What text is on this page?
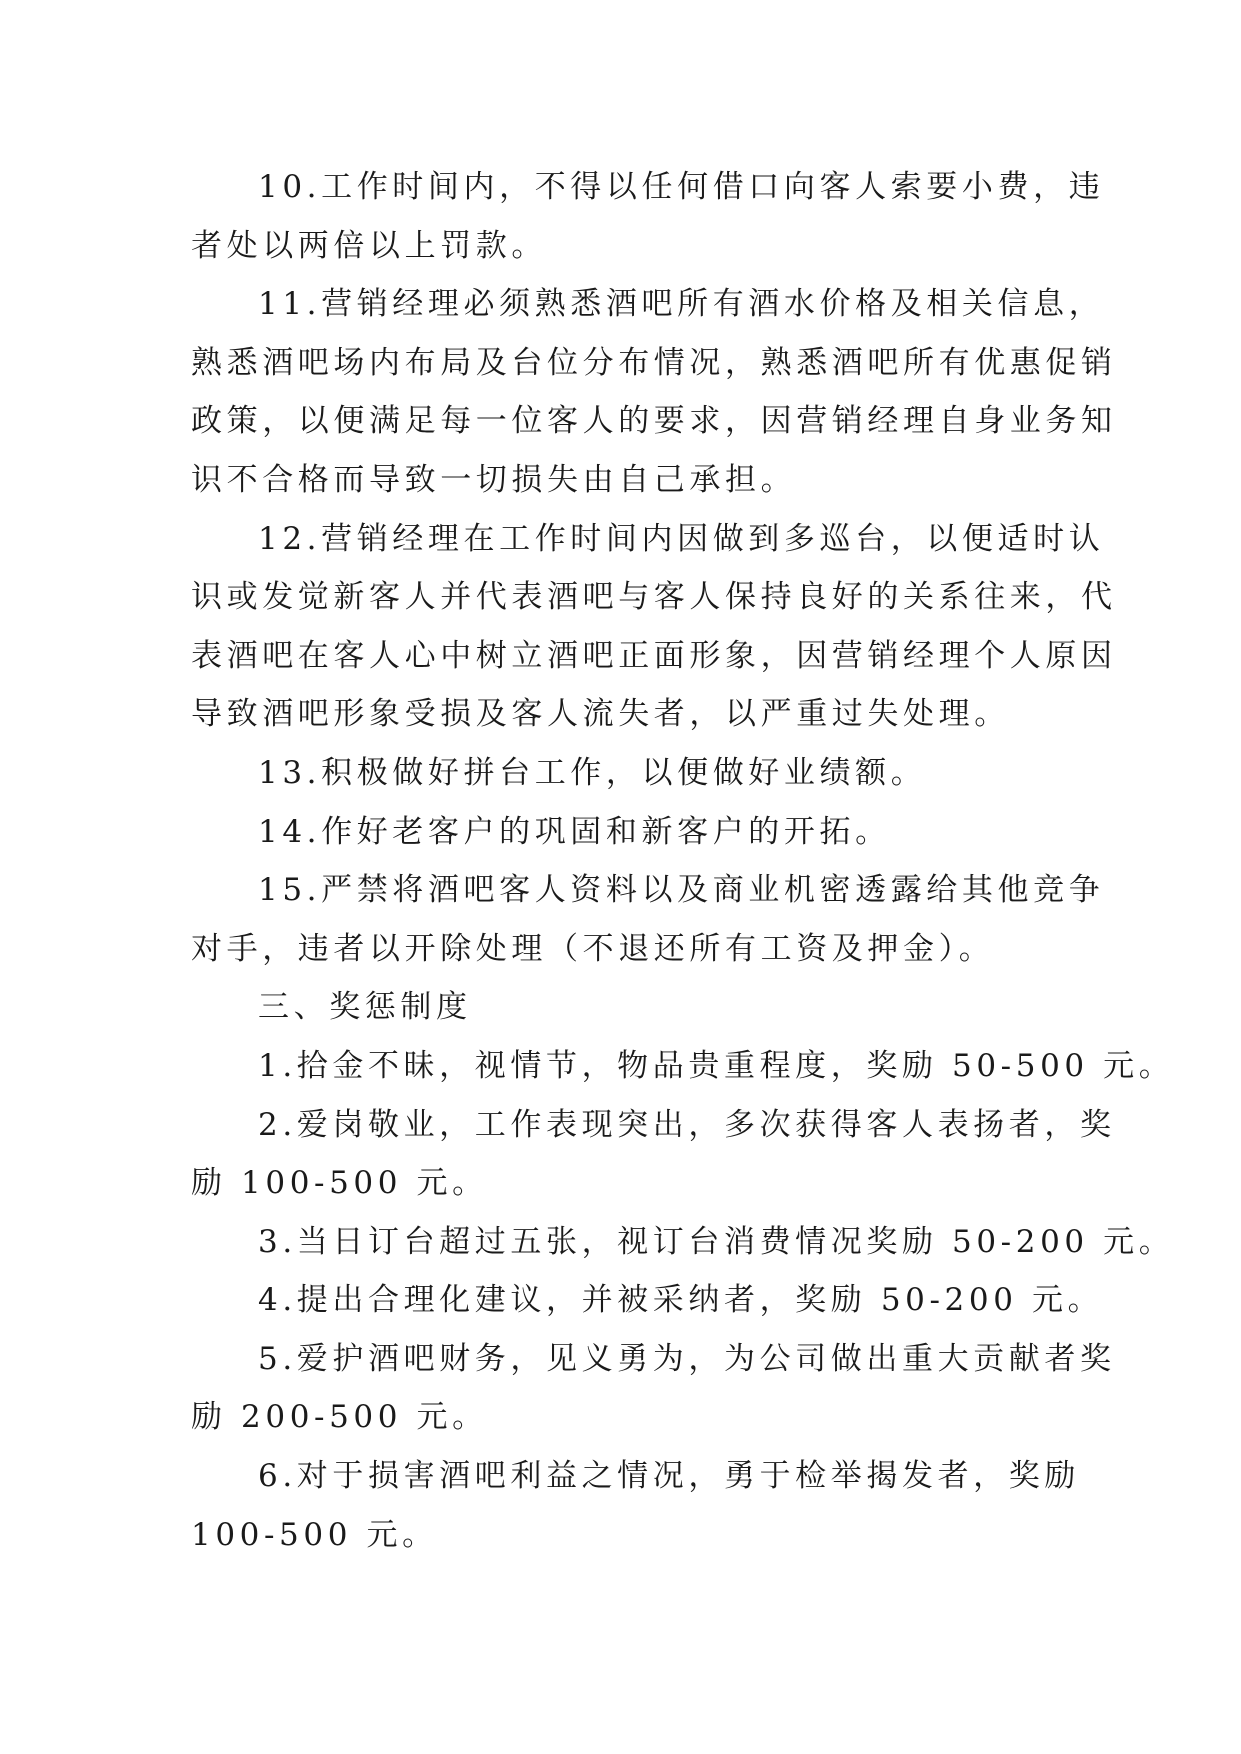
10.工作时间内，不得以任何借口向客人索要小费，违
者处以两倍以上罚款。

11.营销经理必须熟悉酒吧所有酒水价格及相关信息，
熟悉酒吧场内布局及台位分布情况，熟悉酒吧所有优惠促销
政策，以便满足每一位客人的要求，因营销经理自身业务知
识不合格而导致一切损失由自己承担。

12.营销经理在工作时间内因做到多巡台，以便适时认
识或发觉新客人并代表酒吧与客人保持良好的关系往来，代
表酒吧在客人心中树立酒吧正面形象，因营销经理个人原因
导致酒吧形象受损及客人流失者，以严重过失处理。

13.积极做好拼台工作，以便做好业绩额。

14.作好老客户的巩固和新客户的开拓。

15.严禁将酒吧客人资料以及商业机密透露给其他竞争
对手，违者以开除处理（不退还所有工资及押金）。

三、奖惩制度

1.拾金不昧，视情节，物品贵重程度，奖励 50-500 元。

2.爱岗敬业，工作表现突出，多次获得客人表扬者，奖
励 100-500 元。

3.当日订台超过五张，视订台消费情况奖励 50-200 元。

4.提出合理化建议，并被采纳者，奖励 50-200 元。

5.爱护酒吧财务，见义勇为，为公司做出重大贡献者奖
励 200-500 元。

6.对于损害酒吧利益之情况，勇于检举揭发者，奖励
100-500 元。
